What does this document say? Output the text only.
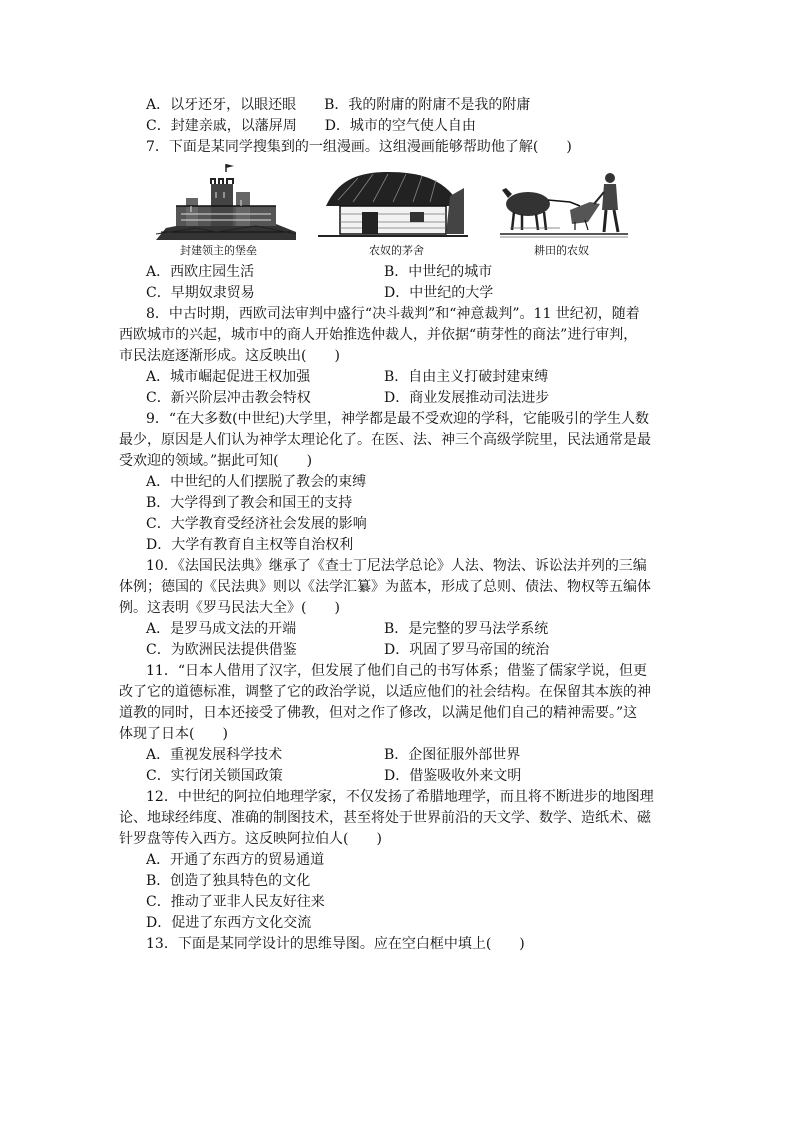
A．以牙还牙，以眼还眼　　B．我的附庸的附庸不是我的附庸
C．封建亲戚，以藩屏周　　D．城市的空气使人自由
7．下面是某同学搜集到的一组漫画。这组漫画能够帮助他了解(　　)
封建领主的堡垒	农奴的茅舍	耕田的农奴
A．西欧庄园生活	B．中世纪的城市
C．早期奴隶贸易	D．中世纪的大学
8．中古时期，西欧司法审判中盛行“决斗裁判”和“神意裁判”。11 世纪初，随着
西欧城市的兴起，城市中的商人开始推选仲裁人，并依据“萌芽性的商法”进行审判，
市民法庭逐渐形成。这反映出(　　)
A．城市崛起促进王权加强	B．自由主义打破封建束缚
C．新兴阶层冲击教会特权	D．商业发展推动司法进步
9．“在大多数(中世纪)大学里，神学都是最不受欢迎的学科，它能吸引的学生人数
最少，原因是人们认为神学太理论化了。在医、法、神三个高级学院里，民法通常是最
受欢迎的领域。”据此可知(　　)
A．中世纪的人们摆脱了教会的束缚
B．大学得到了教会和国王的支持
C．大学教育受经济社会发展的影响
D．大学有教育自主权等自治权利
10．《法国民法典》继承了《查士丁尼法学总论》人法、物法、诉讼法并列的三编
体例；德国的《民法典》则以《法学汇纂》为蓝本，形成了总则、债法、物权等五编体
例。这表明《罗马民法大全》(　　)
A．是罗马成文法的开端	B．是完整的罗马法学系统
C．为欧洲民法提供借鉴	D．巩固了罗马帝国的统治
11．“日本人借用了汉字，但发展了他们自己的书写体系；借鉴了儒家学说，但更
改了它的道德标准，调整了它的政治学说，以适应他们的社会结构。在保留其本族的神
道教的同时，日本还接受了佛教，但对之作了修改，以满足他们自己的精神需要。”这
体现了日本(　　)
A．重视发展科学技术	B．企图征服外部世界
C．实行闭关锁国政策	D．借鉴吸收外来文明
12．中世纪的阿拉伯地理学家，不仅发扬了希腊地理学，而且将不断进步的地图理
论、地球经纬度、准确的制图技术，甚至将处于世界前沿的天文学、数学、造纸术、磁
针罗盘等传入西方。这反映阿拉伯人(　　)
A．开通了东西方的贸易通道
B．创造了独具特色的文化
C．推动了亚非人民友好往来
D．促进了东西方文化交流
13．下面是某同学设计的思维导图。应在空白框中填上(　　)
